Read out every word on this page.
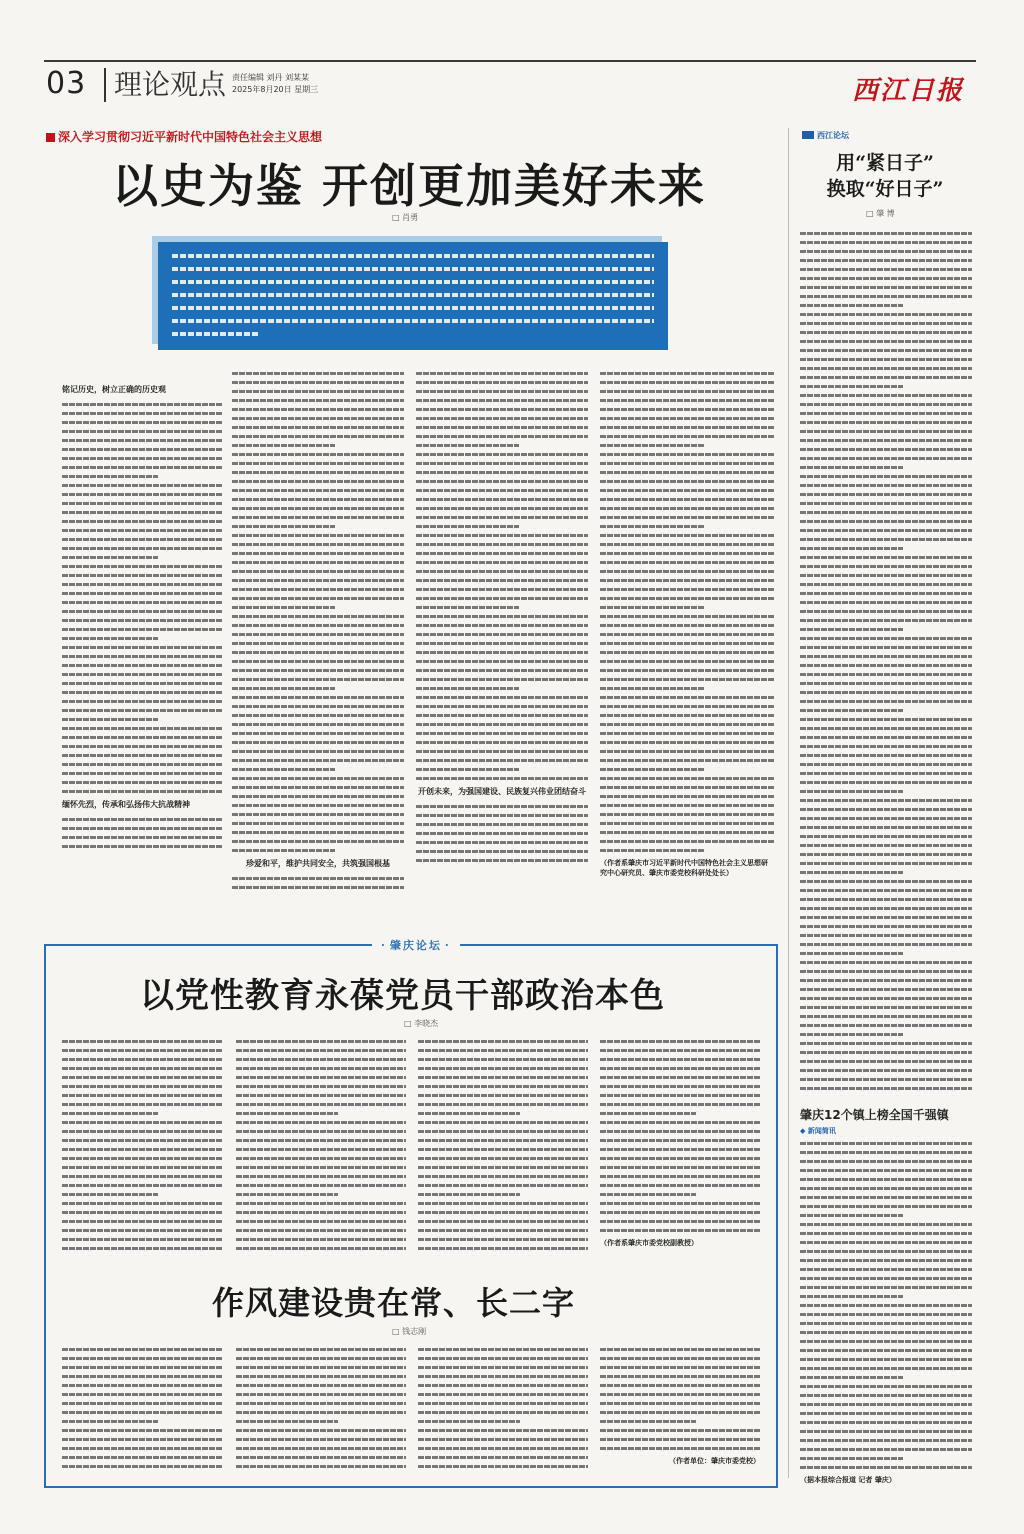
03 理论观点 责任编辑 刘丹 刘某某
2025年8月20日 星期三	西江日报
深入学习贯彻习近平新时代中国特色社会主义思想
以史为鉴 开创更加美好未来
□ 肖勇
铭记历史，树立正确的历史观
缅怀先烈，传承和弘扬伟大抗战精神
珍爱和平，维护共同安全，共筑强国根基
开创未来，为强国建设、民族复兴伟业团结奋斗
（作者系肇庆市习近平新时代中国特色社会主义思想研究中心研究员、肇庆市委党校科研处处长）
西江论坛
用“紧日子”
换取“好日子”
□ 肇 博
肇庆12个镇上榜全国千强镇
◆ 新闻简讯
（据本报综合报道 记者 肇庆）
· 肇庆论坛 ·
以党性教育永葆党员干部政治本色
□ 李晓杰
（作者系肇庆市委党校副教授）
作风建设贵在常、长二字
□ 钱志刚
（作者单位：肇庆市委党校）
